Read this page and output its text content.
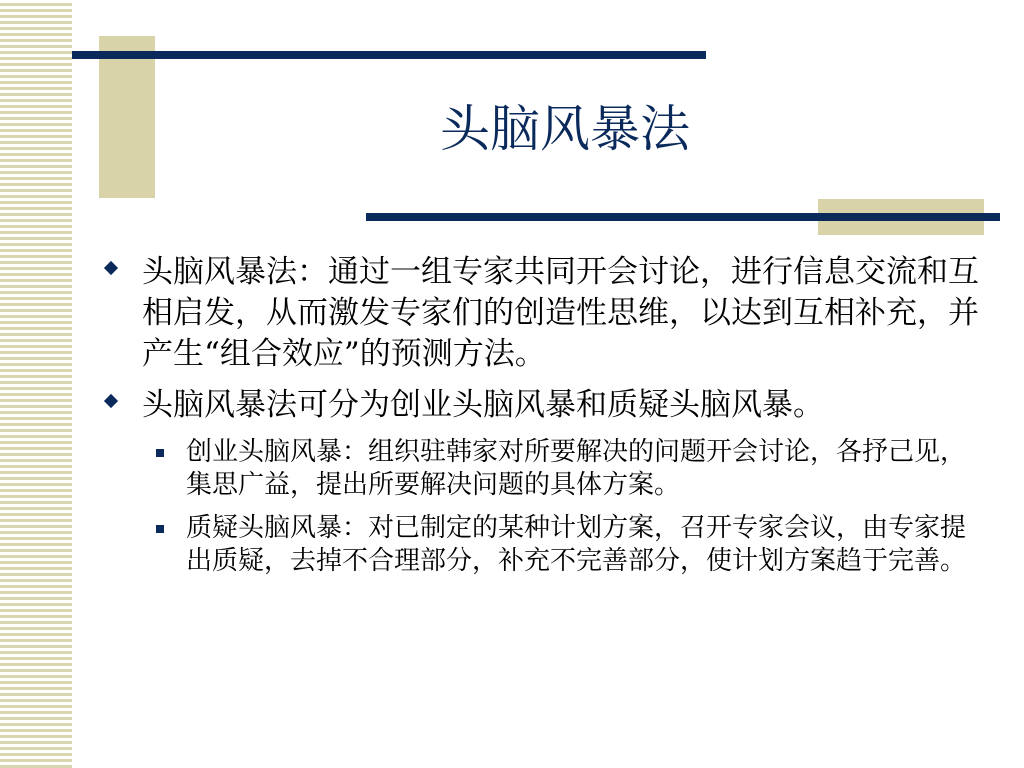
头脑风暴法
头脑风暴法：通过一组专家共同开会讨论，进行信息交流和互相启发，从而激发专家们的创造性思维，以达到互相补充，并产生“组合效应”的预测方法。
头脑风暴法可分为创业头脑风暴和质疑头脑风暴。
创业头脑风暴：组织驻韩家对所要解决的问题开会讨论，各抒己见，集思广益，提出所要解决问题的具体方案。
质疑头脑风暴：对已制定的某种计划方案，召开专家会议，由专家提出质疑，去掉不合理部分，补充不完善部分，使计划方案趋于完善。
